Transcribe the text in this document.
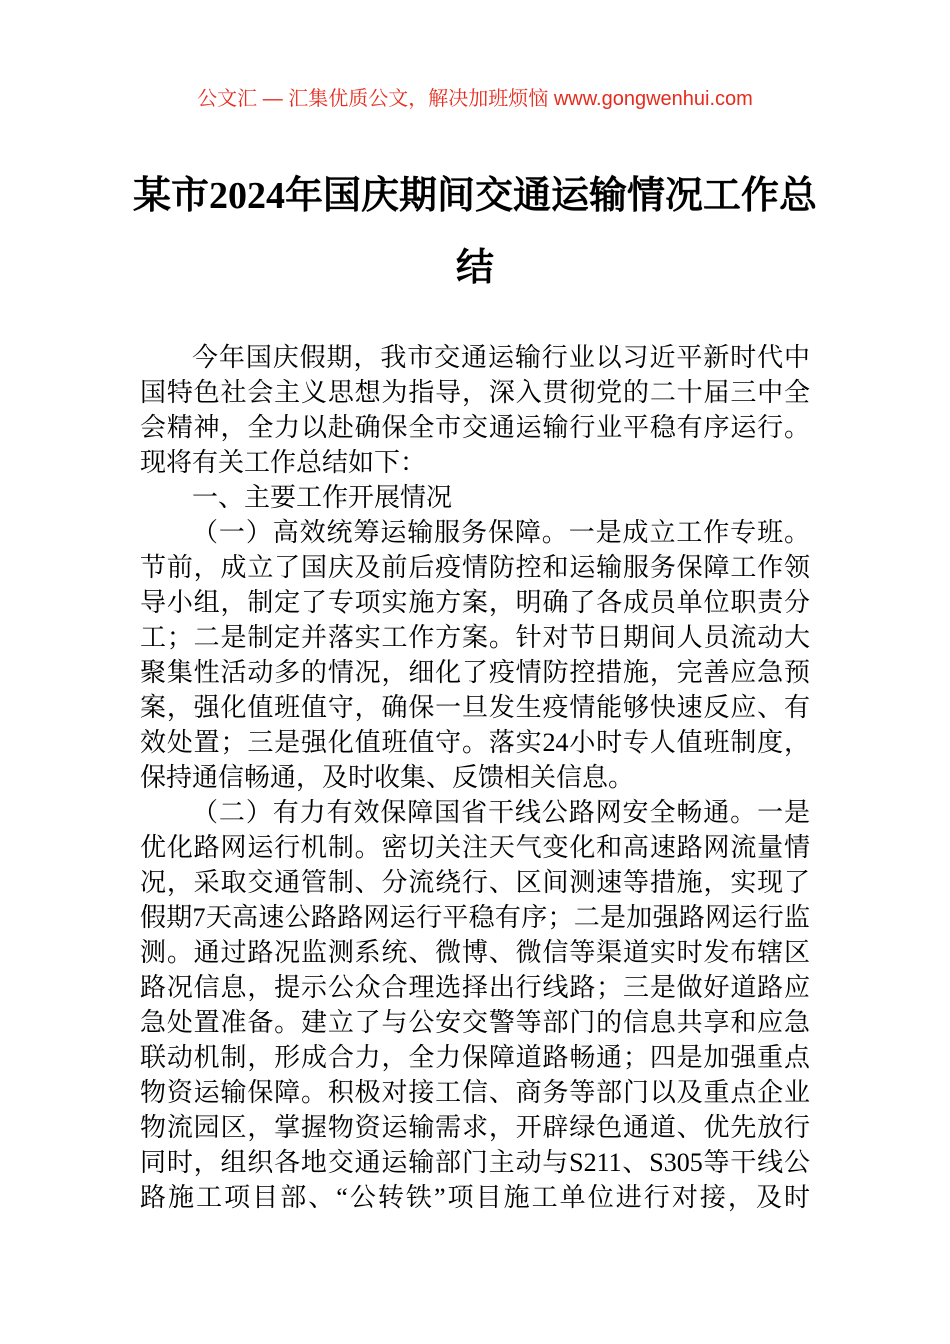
公文汇 — 汇集优质公文，解决加班烦恼 www.gongwenhui.com
某市2024年国庆期间交通运输情况工作总
结
今年国庆假期，我市交通运输行业以习近平新时代中
国特色社会主义思想为指导，深入贯彻党的二十届三中全
会精神，全力以赴确保全市交通运输行业平稳有序运行。
现将有关工作总结如下：
一、主要工作开展情况
（一）高效统筹运输服务保障。一是成立工作专班。
节前，成立了国庆及前后疫情防控和运输服务保障工作领
导小组，制定了专项实施方案，明确了各成员单位职责分
工；二是制定并落实工作方案。针对节日期间人员流动大
聚集性活动多的情况，细化了疫情防控措施，完善应急预
案，强化值班值守，确保一旦发生疫情能够快速反应、有
效处置；三是强化值班值守。落实24小时专人值班制度，
保持通信畅通，及时收集、反馈相关信息。
（二）有力有效保障国省干线公路网安全畅通。一是
优化路网运行机制。密切关注天气变化和高速路网流量情
况，采取交通管制、分流绕行、区间测速等措施，实现了
假期7天高速公路路网运行平稳有序；二是加强路网运行监
测。通过路况监测系统、微博、微信等渠道实时发布辖区
路况信息，提示公众合理选择出行线路；三是做好道路应
急处置准备。建立了与公安交警等部门的信息共享和应急
联动机制，形成合力，全力保障道路畅通；四是加强重点
物资运输保障。积极对接工信、商务等部门以及重点企业
物流园区，掌握物资运输需求，开辟绿色通道、优先放行
同时，组织各地交通运输部门主动与S211、S305等干线公
路施工项目部、“公转铁”项目施工单位进行对接，及时
